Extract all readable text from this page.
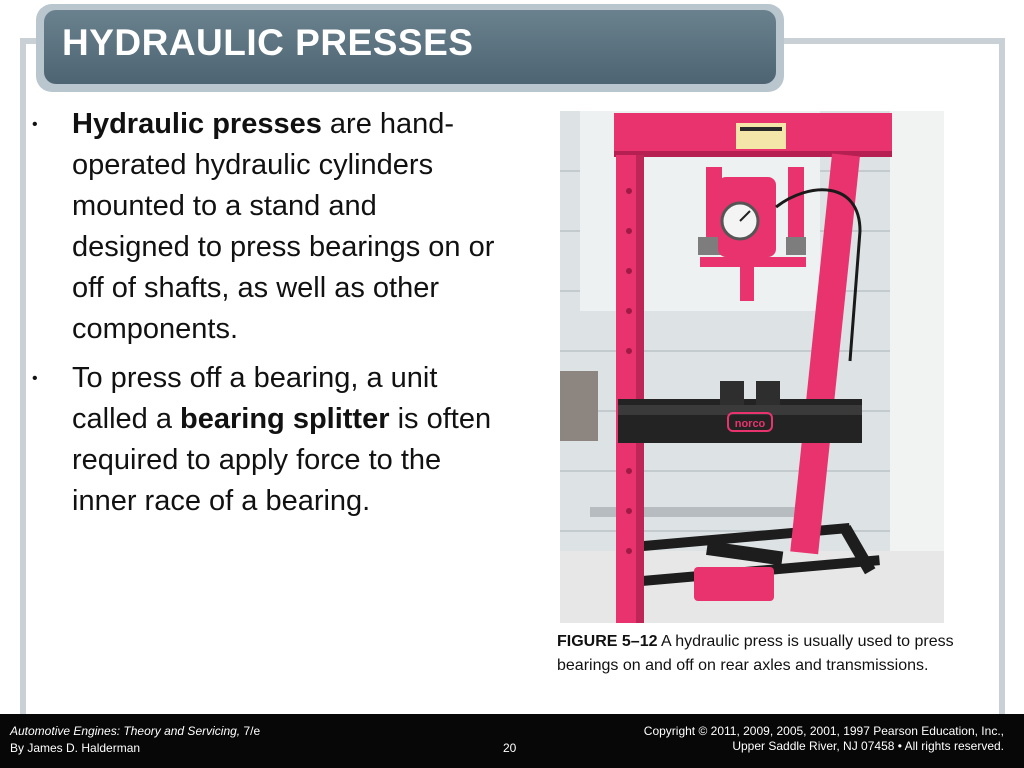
HYDRAULIC PRESSES
• Hydraulic presses are hand-operated hydraulic cylinders mounted to a stand and designed to press bearings on or off of shafts, as well as other components.
• To press off a bearing, a unit called a bearing splitter is often required to apply force to the inner race of a bearing.
norco

FIGURE 5–12 A hydraulic press is usually used to press bearings on and off on rear axles and transmissions.

Automotive Engines: Theory and Servicing, 7/e
By James D. Halderman	20
Copyright © 2011, 2009, 2005, 2001, 1997 Pearson Education, Inc.,
Upper Saddle River, NJ 07458 • All rights reserved.
